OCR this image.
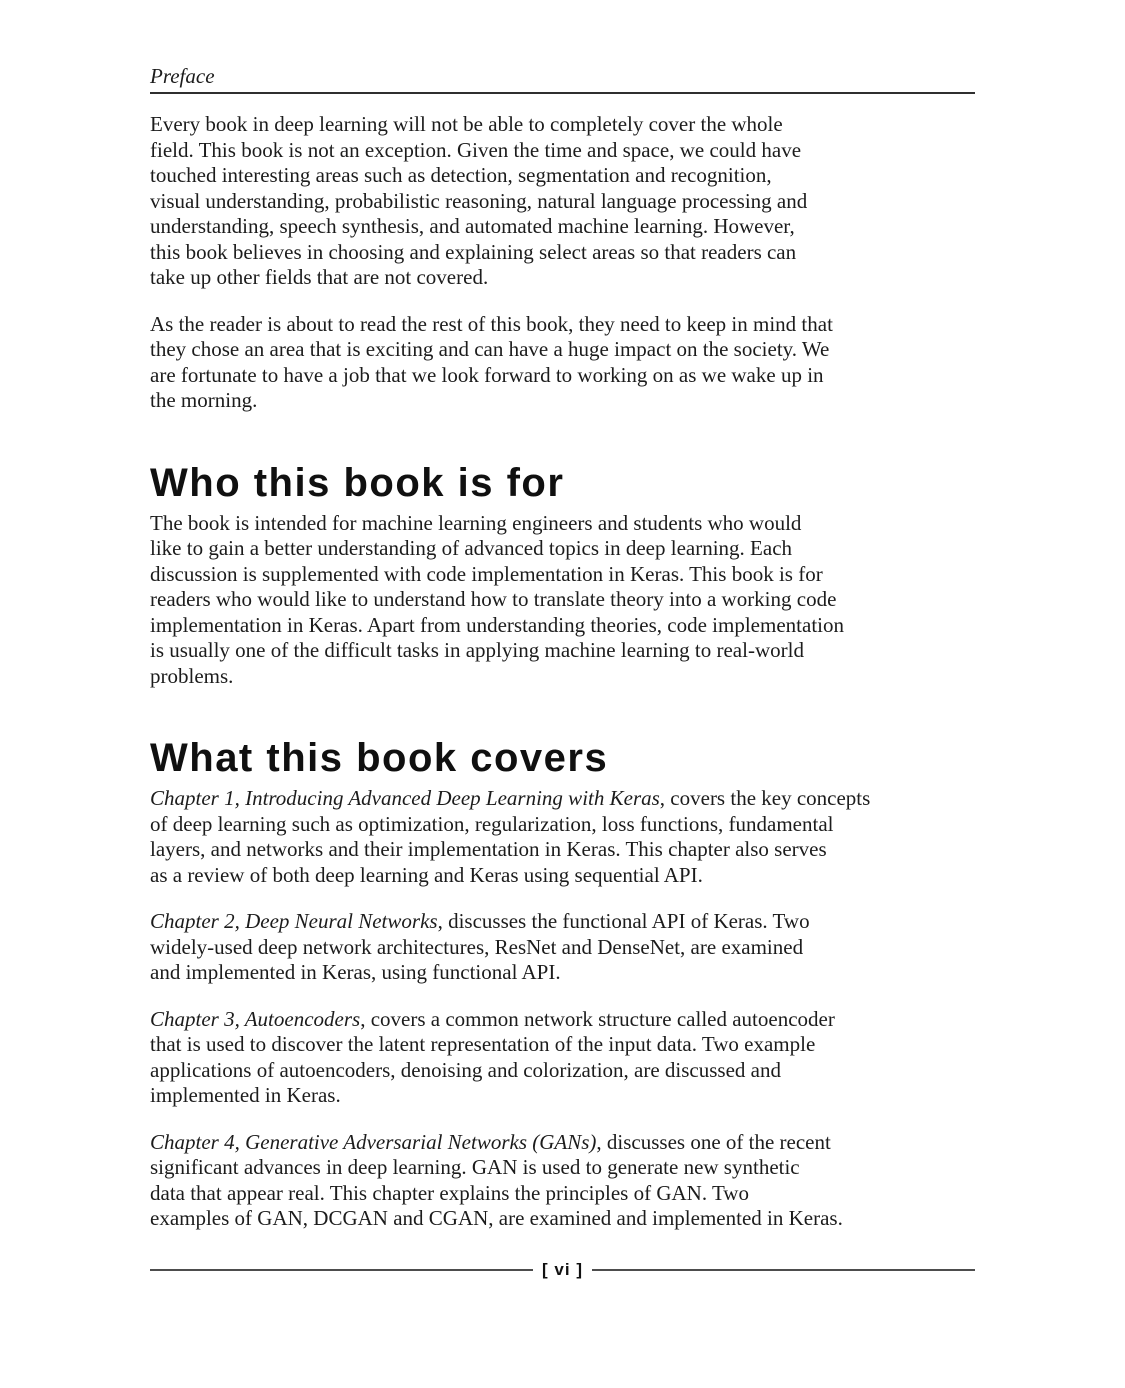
Preface

Every book in deep learning will not be able to completely cover the whole
field. This book is not an exception. Given the time and space, we could have
touched interesting areas such as detection, segmentation and recognition,
visual understanding, probabilistic reasoning, natural language processing and
understanding, speech synthesis, and automated machine learning. However,
this book believes in choosing and explaining select areas so that readers can
take up other fields that are not covered.

As the reader is about to read the rest of this book, they need to keep in mind that
they chose an area that is exciting and can have a huge impact on the society. We
are fortunate to have a job that we look forward to working on as we wake up in
the morning.

Who this book is for

The book is intended for machine learning engineers and students who would
like to gain a better understanding of advanced topics in deep learning. Each
discussion is supplemented with code implementation in Keras. This book is for
readers who would like to understand how to translate theory into a working code
implementation in Keras. Apart from understanding theories, code implementation
is usually one of the difficult tasks in applying machine learning to real-world
problems.

What this book covers

Chapter 1, Introducing Advanced Deep Learning with Keras, covers the key concepts
of deep learning such as optimization, regularization, loss functions, fundamental
layers, and networks and their implementation in Keras. This chapter also serves
as a review of both deep learning and Keras using sequential API.

Chapter 2, Deep Neural Networks, discusses the functional API of Keras. Two
widely-used deep network architectures, ResNet and DenseNet, are examined
and implemented in Keras, using functional API.

Chapter 3, Autoencoders, covers a common network structure called autoencoder
that is used to discover the latent representation of the input data. Two example
applications of autoencoders, denoising and colorization, are discussed and
implemented in Keras.

Chapter 4, Generative Adversarial Networks (GANs), discusses one of the recent
significant advances in deep learning. GAN is used to generate new synthetic
data that appear real. This chapter explains the principles of GAN. Two
examples of GAN, DCGAN and CGAN, are examined and implemented in Keras.

[ vi ]
